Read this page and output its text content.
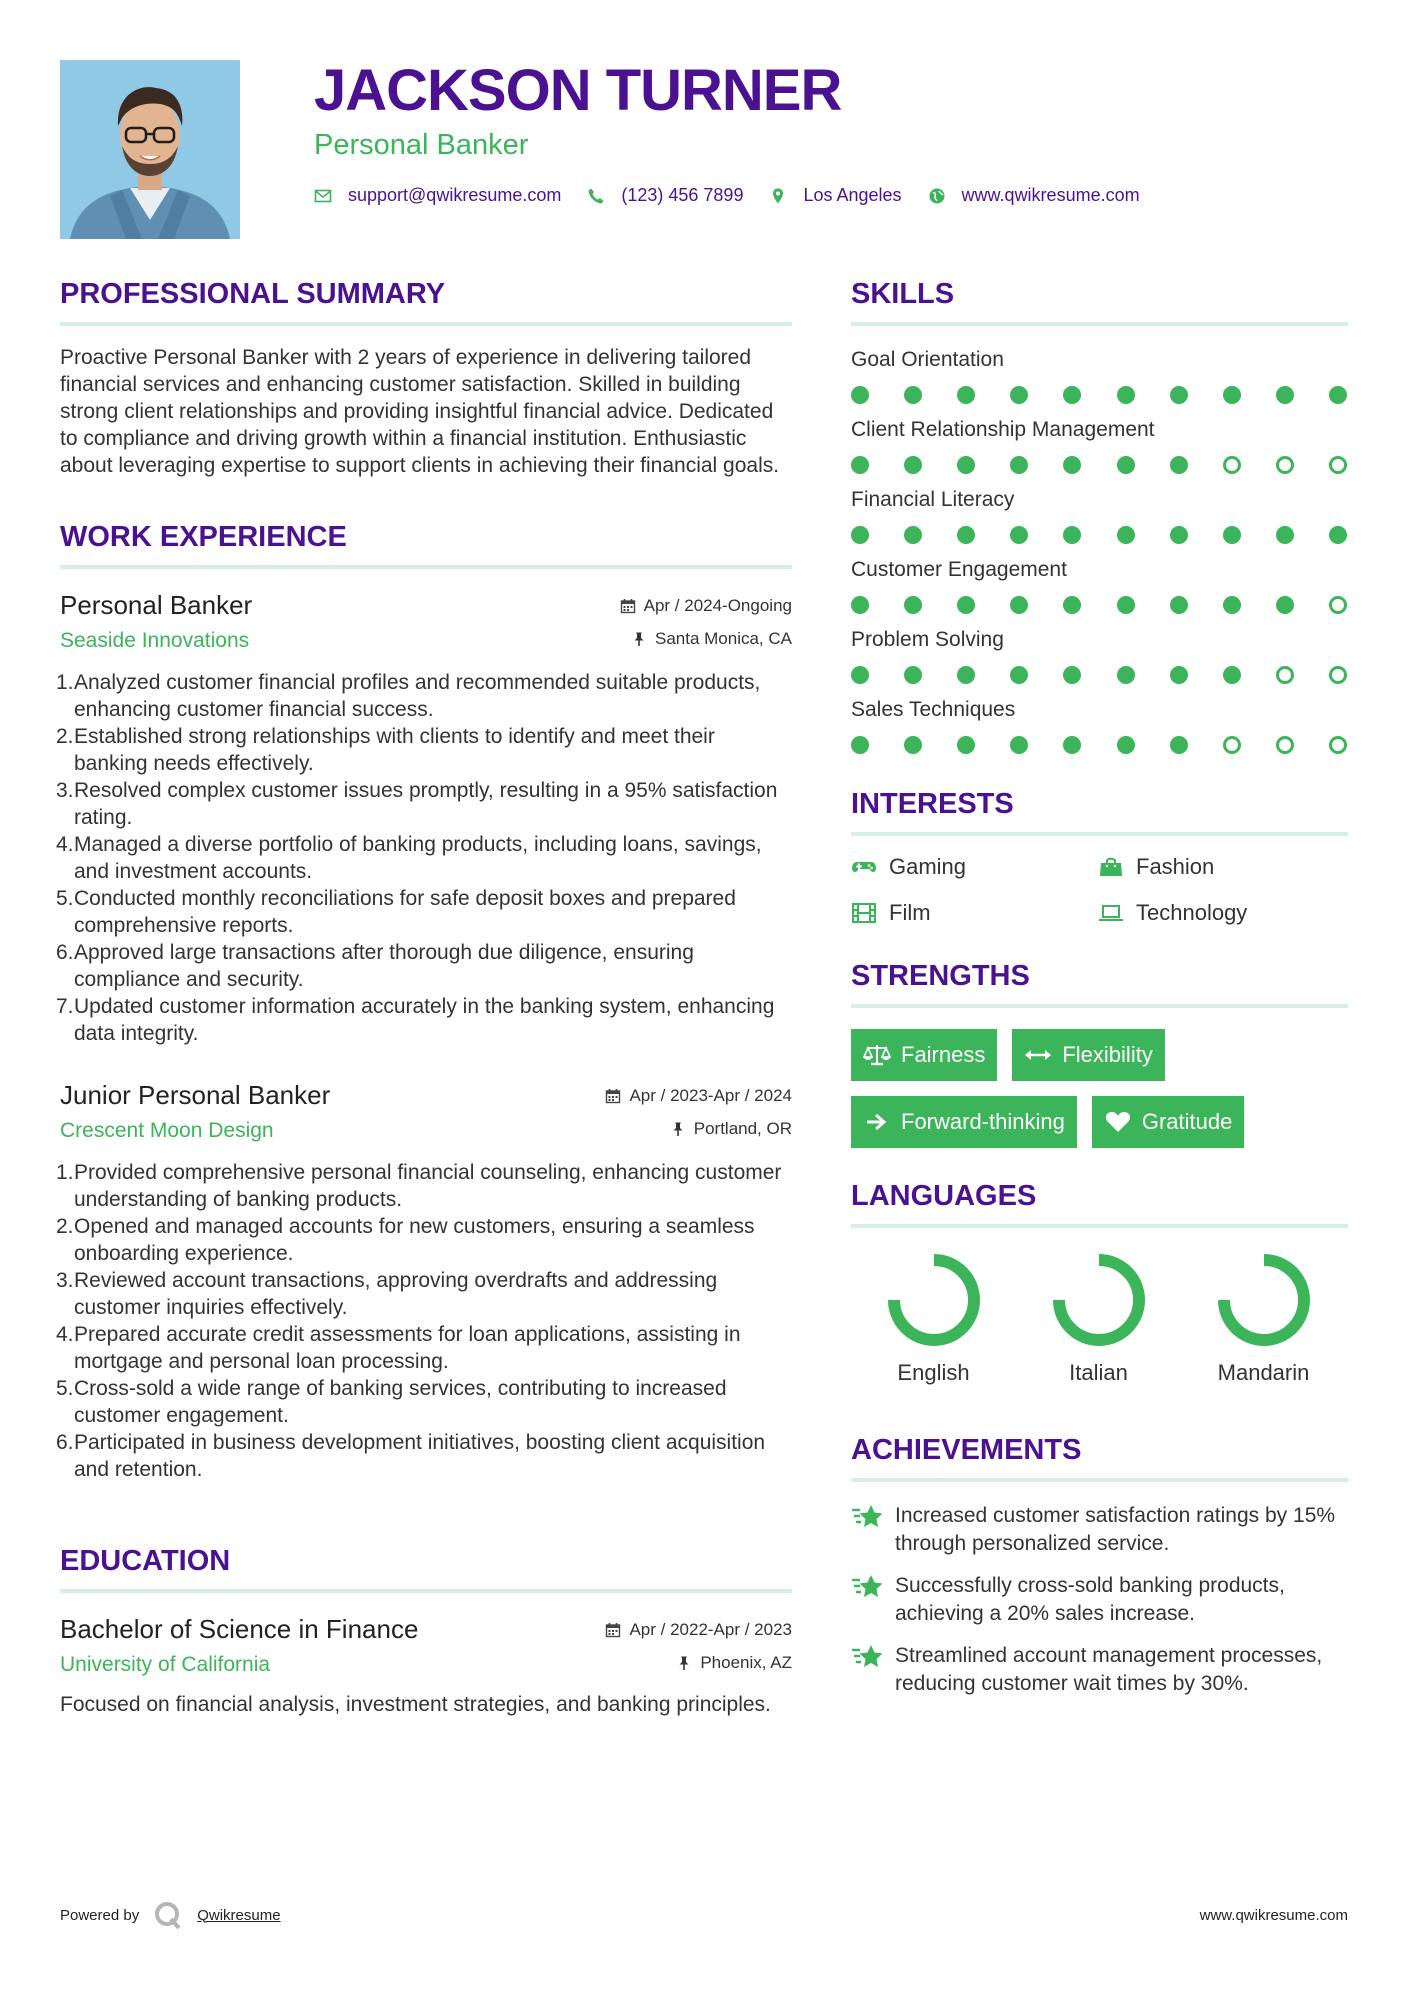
JACKSON TURNER
Personal Banker
support@qwikresume.com	(123) 456 7899	Los Angeles	www.qwikresume.com
PROFESSIONAL SUMMARY
Proactive Personal Banker with 2 years of experience in delivering tailored financial services and enhancing customer satisfaction. Skilled in building strong client relationships and providing insightful financial advice. Dedicated to compliance and driving growth within a financial institution. Enthusiastic about leveraging expertise to support clients in achieving their financial goals.
WORK EXPERIENCE
Personal Banker	Apr / 2024-Ongoing
Seaside Innovations	Santa Monica, CA
1. Analyzed customer financial profiles and recommended suitable products, enhancing customer financial success.
2. Established strong relationships with clients to identify and meet their banking needs effectively.
3. Resolved complex customer issues promptly, resulting in a 95% satisfaction rating.
4. Managed a diverse portfolio of banking products, including loans, savings, and investment accounts.
5. Conducted monthly reconciliations for safe deposit boxes and prepared comprehensive reports.
6. Approved large transactions after thorough due diligence, ensuring compliance and security.
7. Updated customer information accurately in the banking system, enhancing data integrity.
Junior Personal Banker	Apr / 2023-Apr / 2024
Crescent Moon Design	Portland, OR
1. Provided comprehensive personal financial counseling, enhancing customer understanding of banking products.
2. Opened and managed accounts for new customers, ensuring a seamless onboarding experience.
3. Reviewed account transactions, approving overdrafts and addressing customer inquiries effectively.
4. Prepared accurate credit assessments for loan applications, assisting in mortgage and personal loan processing.
5. Cross-sold a wide range of banking services, contributing to increased customer engagement.
6. Participated in business development initiatives, boosting client acquisition and retention.
EDUCATION
Bachelor of Science in Finance	Apr / 2022-Apr / 2023
University of California	Phoenix, AZ
Focused on financial analysis, investment strategies, and banking principles.
SKILLS
Goal Orientation
Client Relationship Management
Financial Literacy
Customer Engagement
Problem Solving
Sales Techniques
INTERESTS
Gaming	Fashion
Film	Technology
STRENGTHS
Fairness	Flexibility
Forward-thinking	Gratitude
LANGUAGES
English	Italian	Mandarin
ACHIEVEMENTS
Increased customer satisfaction ratings by 15% through personalized service.
Successfully cross-sold banking products, achieving a 20% sales increase.
Streamlined account management processes, reducing customer wait times by 30%.
Powered by	Qwikresume	www.qwikresume.com
